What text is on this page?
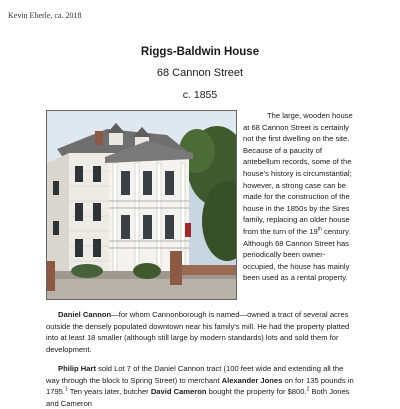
Kevin Eberle, ca. 2018
Riggs-Baldwin House
68 Cannon Street
c. 1855

The large, wooden house at 68 Cannon Street is certainly not the first dwelling on the site. Because of a paucity of antebellum records, some of the house's history is circumstantial; however, a strong case can be made for the construction of the house in the 1850s by the Sires family, replacing an older house from the turn of the 19th century. Although 68 Cannon Street has periodically been owner-occupied, the house has mainly been used as a rental property.

Daniel Cannon—for whom Cannonborough is named—owned a tract of several acres outside the densely populated downtown near his family's mill. He had the property platted into at least 18 smaller (although still large by modern standards) lots and sold them for development.

Philip Hart sold Lot 7 of the Daniel Cannon tract (100 feet wide and extending all the way through the block to Spring Street) to merchant Alexander Jones on for 135 pounds in 1795.$^1$ Ten years later, butcher David Cameron bought the property for $800.$^2$ Both Jones and Cameron
